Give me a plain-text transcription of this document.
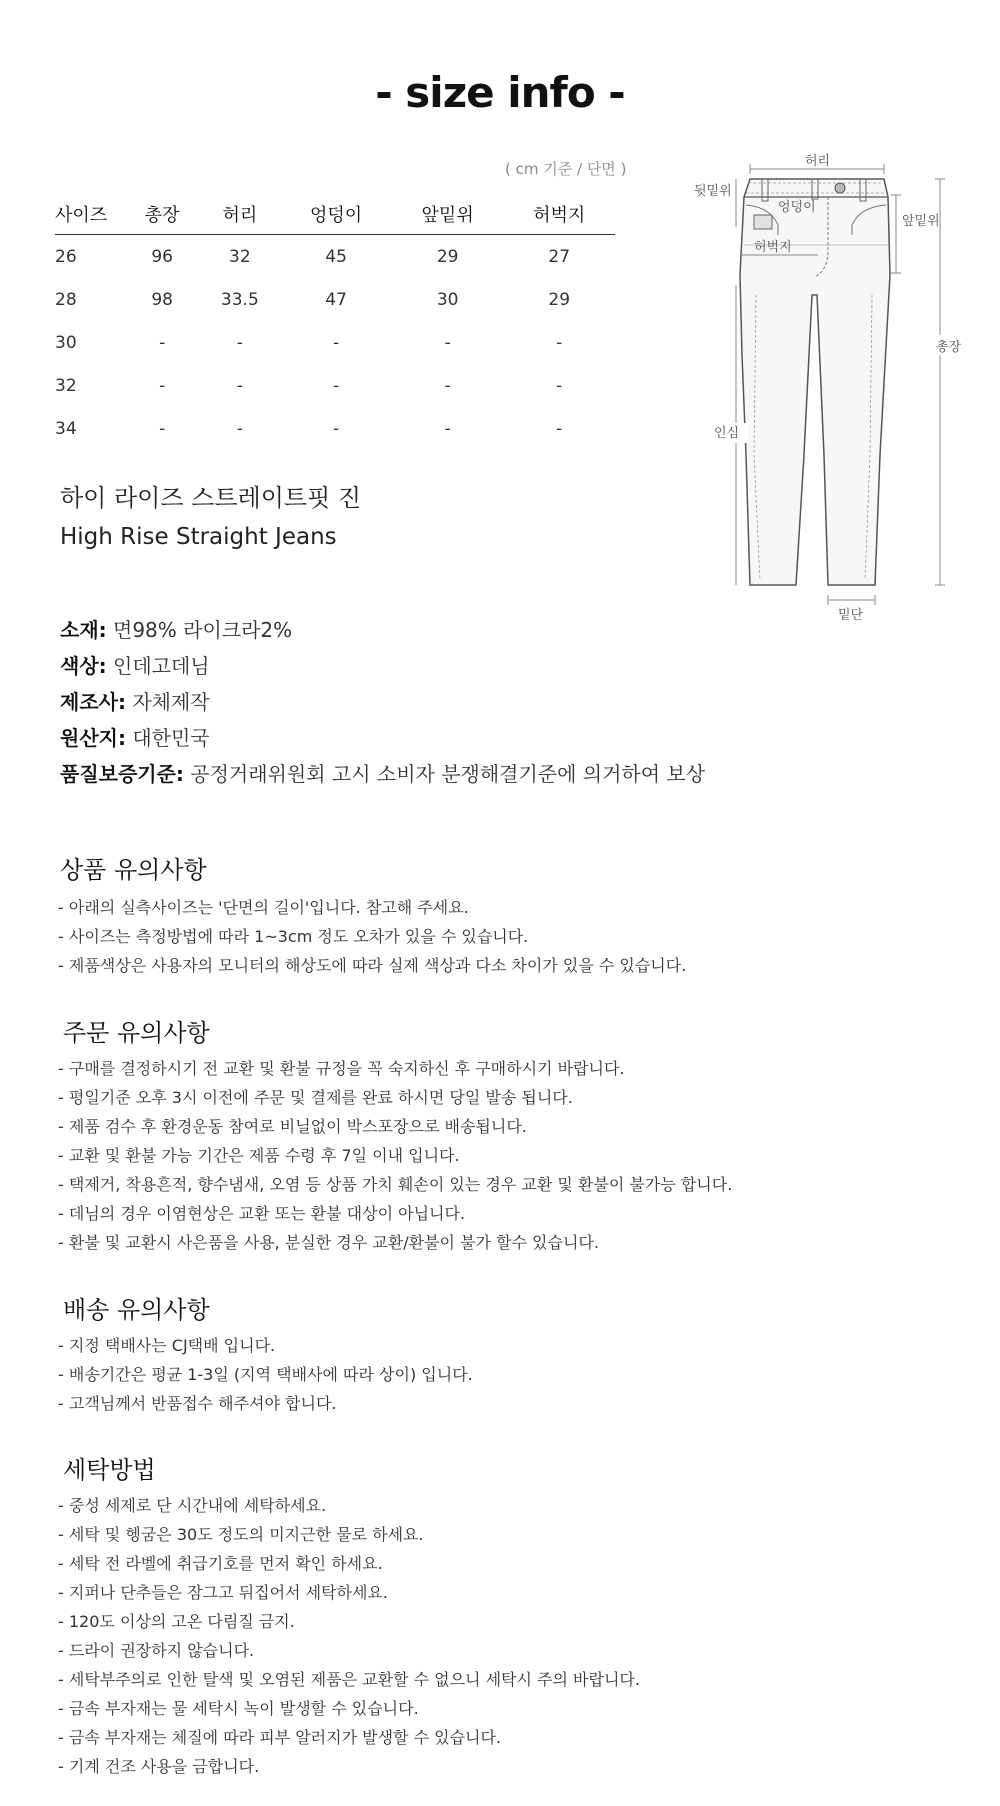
- size info -
( cm 기준 / 단면 )
사이즈	총장	허리	엉덩이	앞밑위	허벅지
26	96	32	45	29	27
28	98	33.5	47	30	29
30	-	-	-	-	-
32	-	-	-	-	-
34	-	-	-	-	-
허리
엉덩이
뒷밑위
허벅지
앞밑위
총장
인심
밑단
하이 라이즈 스트레이트핏 진
High Rise Straight Jeans
소재: 면98% 라이크라2%
색상: 인데고데님
제조사: 자체제작
원산지: 대한민국
품질보증기준: 공정거래위원회 고시 소비자 분쟁해결기준에 의거하여 보상
상품 유의사항
- 아래의 실측사이즈는 '단면의 길이'입니다. 참고해 주세요.
- 사이즈는 측정방법에 따라 1~3cm 정도 오차가 있을 수 있습니다.
- 제품색상은 사용자의 모니터의 해상도에 따라 실제 색상과 다소 차이가 있을 수 있습니다.
주문 유의사항
- 구매를 결정하시기 전 교환 및 환불 규정을 꼭 숙지하신 후 구매하시기 바랍니다.
- 평일기준 오후 3시 이전에 주문 및 결제를 완료 하시면 당일 발송 됩니다.
- 제품 검수 후 환경운동 참여로 비닐없이 박스포장으로 배송됩니다.
- 교환 및 환불 가능 기간은 제품 수령 후 7일 이내 입니다.
- 택제거, 착용흔적, 향수냄새, 오염 등 상품 가치 훼손이 있는 경우 교환 및 환불이 불가능 합니다.
- 데님의 경우 이염현상은 교환 또는 환불 대상이 아닙니다.
- 환불 및 교환시 사은품을 사용, 분실한 경우 교환/환불이 불가 할수 있습니다.
배송 유의사항
- 지정 택배사는 CJ택배 입니다.
- 배송기간은 평균 1-3일 (지역 택배사에 따라 상이) 입니다.
- 고객님께서 반품접수 해주셔야 합니다.
세탁방법
- 중성 세제로 단 시간내에 세탁하세요.
- 세탁 및 헹굼은 30도 정도의 미지근한 물로 하세요.
- 세탁 전 라벨에 취급기호를 먼저 확인 하세요.
- 지퍼나 단추들은 잠그고 뒤집어서 세탁하세요.
- 120도 이상의 고온 다림질 금지.
- 드라이 권장하지 않습니다.
- 세탁부주의로 인한 탈색 및 오염된 제품은 교환할 수 없으니 세탁시 주의 바랍니다.
- 금속 부자재는 물 세탁시 녹이 발생할 수 있습니다.
- 금속 부자재는 체질에 따라 피부 알러지가 발생할 수 있습니다.
- 기계 건조 사용을 금합니다.
